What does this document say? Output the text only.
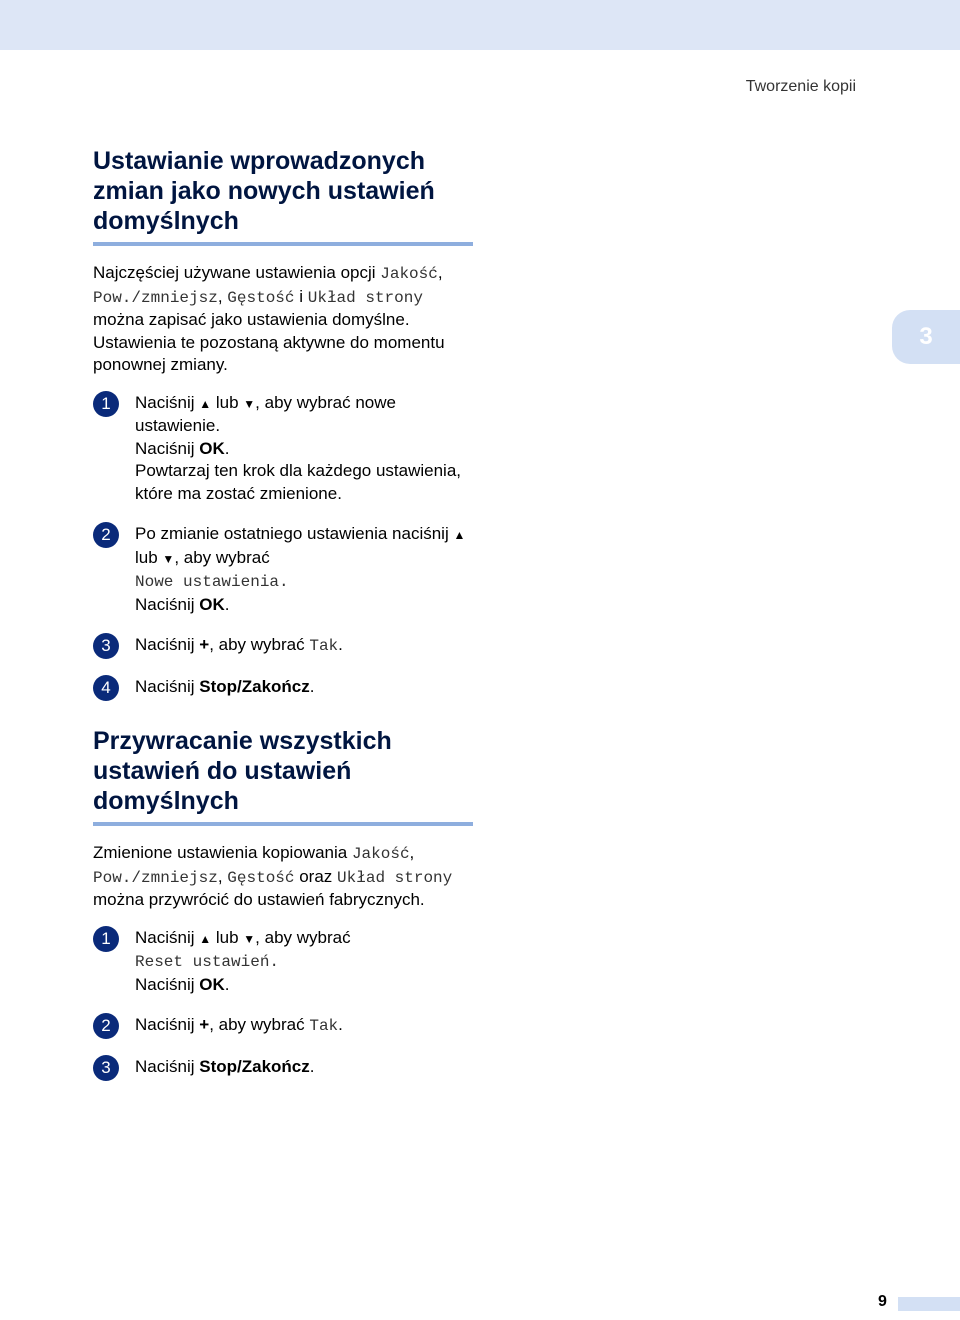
Tworzenie kopii
3
Ustawianie wprowadzonych zmian jako nowych ustawień domyślnych
Najczęściej używane ustawienia opcji Jakość, Pow./zmniejsz, Gęstość i Układ strony można zapisać jako ustawienia domyślne. Ustawienia te pozostaną aktywne do momentu ponownej zmiany.
1	Naciśnij ▲ lub ▼, aby wybrać nowe ustawienie.
Naciśnij OK.
Powtarzaj ten krok dla każdego ustawienia, które ma zostać zmienione.
2	Po zmianie ostatniego ustawienia naciśnij ▲ lub ▼, aby wybrać
Nowe ustawienia.
Naciśnij OK.
3	Naciśnij +, aby wybrać Tak.
4	Naciśnij Stop/Zakończ.
Przywracanie wszystkich ustawień do ustawień domyślnych
Zmienione ustawienia kopiowania Jakość, Pow./zmniejsz, Gęstość oraz Układ strony można przywrócić do ustawień fabrycznych.
1	Naciśnij ▲ lub ▼, aby wybrać
Reset ustawień.
Naciśnij OK.
2	Naciśnij +, aby wybrać Tak.
3	Naciśnij Stop/Zakończ.
9
